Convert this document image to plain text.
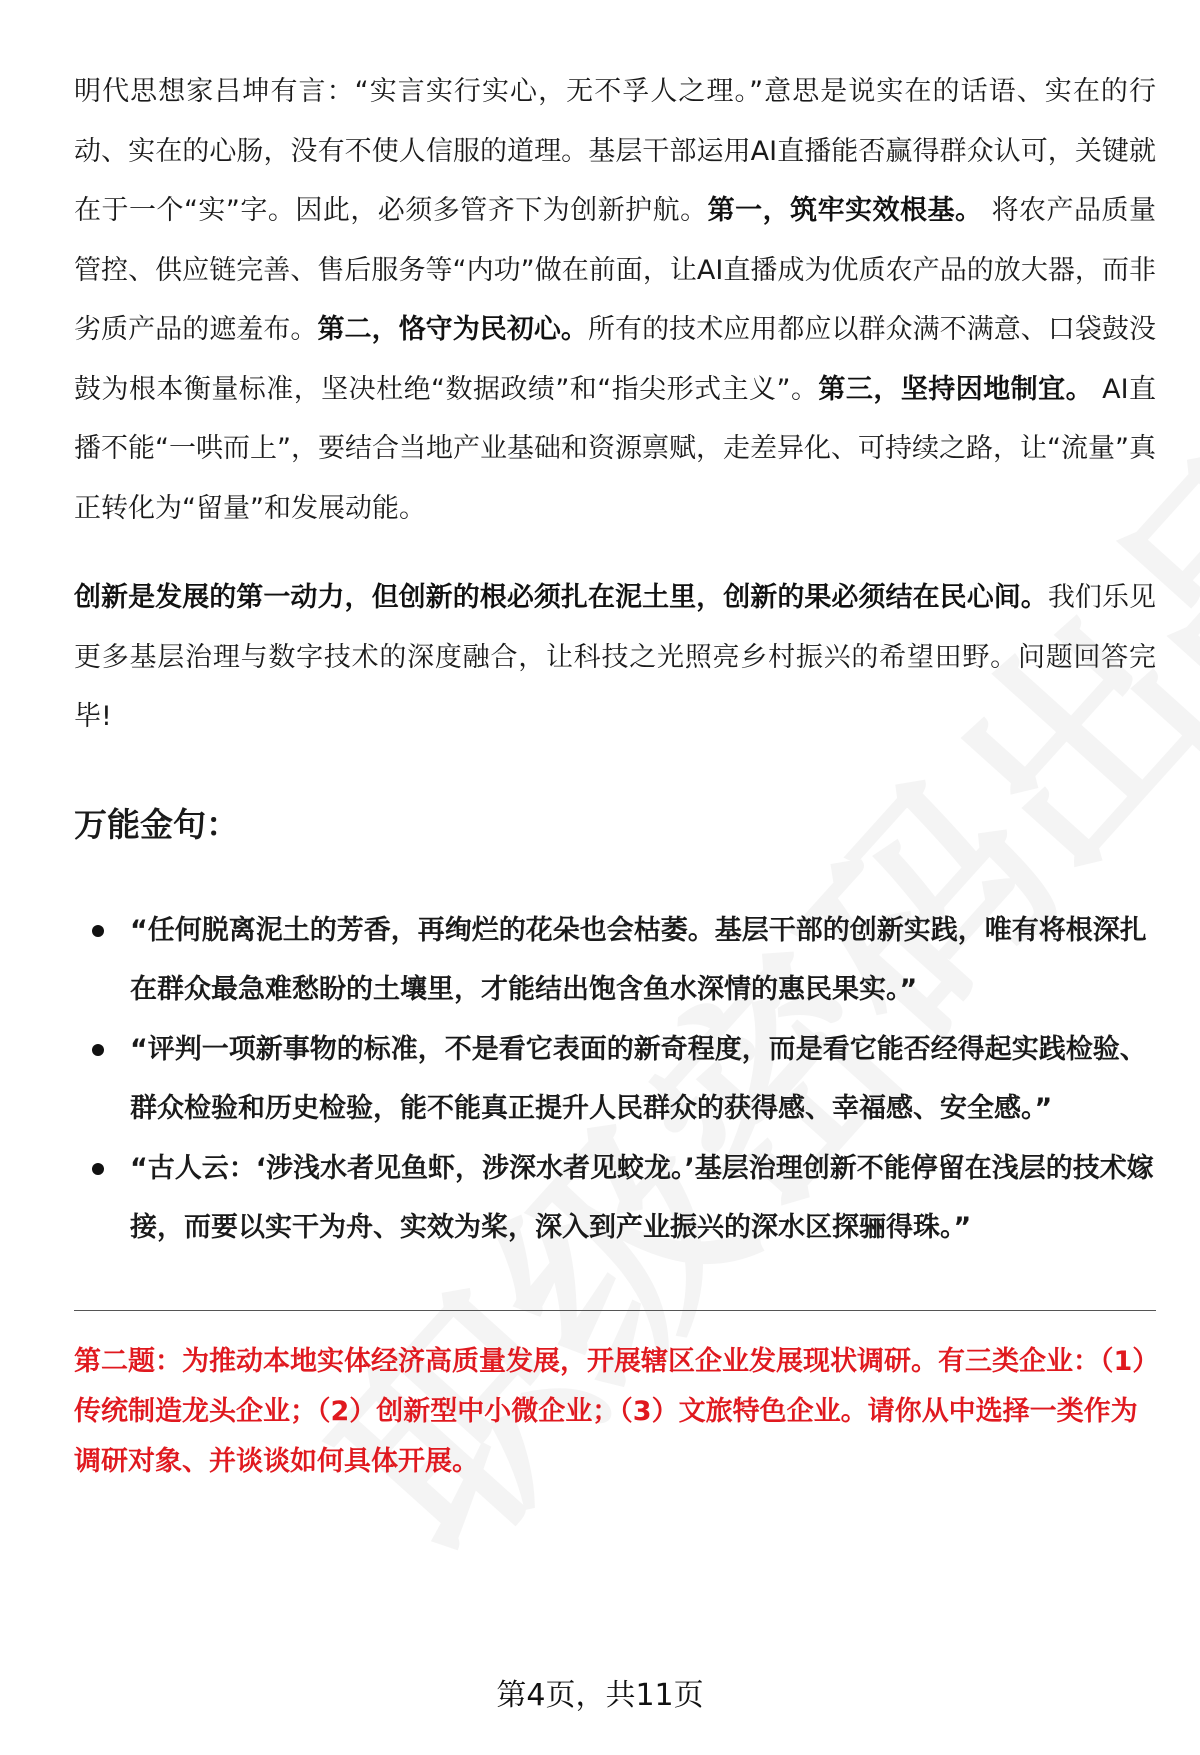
明代思想家吕坤有言：“实言实行实心，无不孚人之理。”意思是说实在的话语、实在的行动、实在的心肠，没有不使人信服的道理。基层干部运用AI直播能否赢得群众认可，关键就在于一个“实”字。因此，必须多管齐下为创新护航。第一，筑牢实效根基。 将农产品质量管控、供应链完善、售后服务等“内功”做在前面，让AI直播成为优质农产品的放大器，而非劣质产品的遮羞布。第二，恪守为民初心。所有的技术应用都应以群众满不满意、口袋鼓没鼓为根本衡量标准，坚决杜绝“数据政绩”和“指尖形式主义”。第三，坚持因地制宜。 AI直播不能“一哄而上”，要结合当地产业基础和资源禀赋，走差异化、可持续之路，让“流量”真正转化为“留量”和发展动能。

创新是发展的第一动力，但创新的根必须扎在泥土里，创新的果必须结在民心间。我们乐见更多基层治理与数字技术的深度融合，让科技之光照亮乡村振兴的希望田野。问题回答完毕!

万能金句：
“任何脱离泥土的芳香，再绚烂的花朵也会枯萎。基层干部的创新实践，唯有将根深扎在群众最急难愁盼的土壤里，才能结出饱含鱼水深情的惠民果实。”
“评判一项新事物的标准，不是看它表面的新奇程度，而是看它能否经得起实践检验、群众检验和历史检验，能不能真正提升人民群众的获得感、幸福感、安全感。”
“古人云：‘涉浅水者见鱼虾，涉深水者见蛟龙。’基层治理创新不能停留在浅层的技术嫁接，而要以实干为舟、实效为桨，深入到产业振兴的深水区探骊得珠。”
第二题：为推动本地实体经济高质量发展，开展辖区企业发展现状调研。有三类企业：（1）传统制造龙头企业；（2）创新型中小微企业；（3）文旅特色企业。请你从中选择一类作为调研对象、并谈谈如何具体开展。
第4页，共11页
